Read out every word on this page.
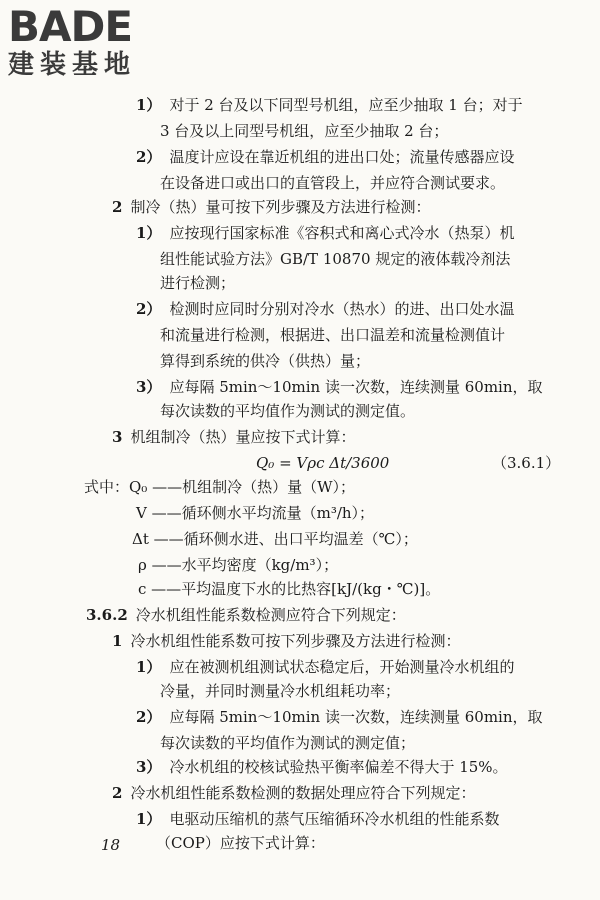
BADE
建装基地
1） 对于 2 台及以下同型号机组，应至少抽取 1 台；对于
3 台及以上同型号机组，应至少抽取 2 台；
2） 温度计应设在靠近机组的进出口处；流量传感器应设
在设备进口或出口的直管段上，并应符合测试要求。
2 制冷（热）量可按下列步骤及方法进行检测：
1） 应按现行国家标准《容积式和离心式冷水（热泵）机
组性能试验方法》GB/T 10870 规定的液体载冷剂法
进行检测；
2） 检测时应同时分别对冷水（热水）的进、出口处水温
和流量进行检测，根据进、出口温差和流量检测值计
算得到系统的供冷（供热）量；
3） 应每隔 5min～10min 读一次数，连续测量 60min，取
每次读数的平均值作为测试的测定值。
3 机组制冷（热）量应按下式计算：
Q₀ = Vρc Δt/3600	（3.6.1）
式中：Q₀ ——机组制冷（热）量（W）；
V ——循环侧水平均流量（m³/h）；
Δt ——循环侧水进、出口平均温差（℃）；
ρ ——水平均密度（kg/m³）；
c ——平均温度下水的比热容[kJ/(kg・℃)]。
3.6.2 冷水机组性能系数检测应符合下列规定：
1 冷水机组性能系数可按下列步骤及方法进行检测：
1） 应在被测机组测试状态稳定后，开始测量冷水机组的
冷量，并同时测量冷水机组耗功率；
2） 应每隔 5min～10min 读一次数，连续测量 60min，取
每次读数的平均值作为测试的测定值；
3） 冷水机组的校核试验热平衡率偏差不得大于 15%。
2 冷水机组性能系数检测的数据处理应符合下列规定：
1） 电驱动压缩机的蒸气压缩循环冷水机组的性能系数
（COP）应按下式计算：
18
